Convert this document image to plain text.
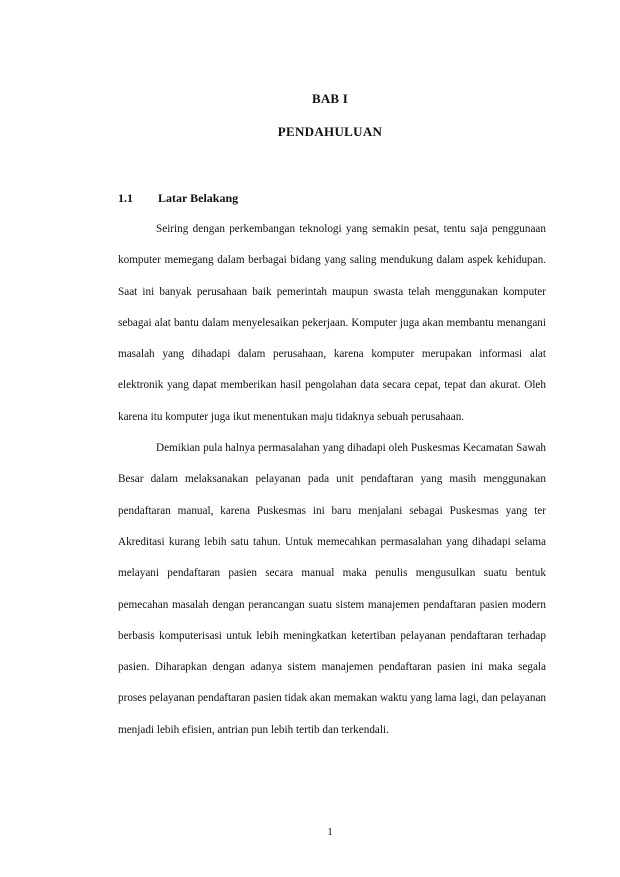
BAB I
PENDAHULUAN
1.1 Latar Belakang

Seiring dengan perkembangan teknologi yang semakin pesat, tentu saja penggunaan komputer memegang dalam berbagai bidang yang saling mendukung dalam aspek kehidupan. Saat ini banyak perusahaan baik pemerintah maupun swasta telah menggunakan komputer sebagai alat bantu dalam menyelesaikan pekerjaan. Komputer juga akan membantu menangani masalah yang dihadapi dalam perusahaan, karena komputer merupakan informasi alat elektronik yang dapat memberikan hasil pengolahan data secara cepat, tepat dan akurat. Oleh karena itu komputer juga ikut menentukan maju tidaknya sebuah perusahaan.

Demikian pula halnya permasalahan yang dihadapi oleh Puskesmas Kecamatan Sawah Besar dalam melaksanakan pelayanan pada unit pendaftaran yang masih menggunakan pendaftaran manual, karena Puskesmas ini baru menjalani sebagai Puskesmas yang ter Akreditasi kurang lebih satu tahun. Untuk memecahkan permasalahan yang dihadapi selama melayani pendaftaran pasien secara manual maka penulis mengusulkan suatu bentuk pemecahan masalah dengan perancangan suatu sistem manajemen pendaftaran pasien modern berbasis komputerisasi untuk lebih meningkatkan ketertiban pelayanan pendaftaran terhadap pasien. Diharapkan dengan adanya sistem manajemen pendaftaran pasien ini maka segala proses pelayanan pendaftaran pasien tidak akan memakan waktu yang lama lagi, dan pelayanan menjadi lebih efisien, antrian pun lebih tertib dan terkendali.

1
